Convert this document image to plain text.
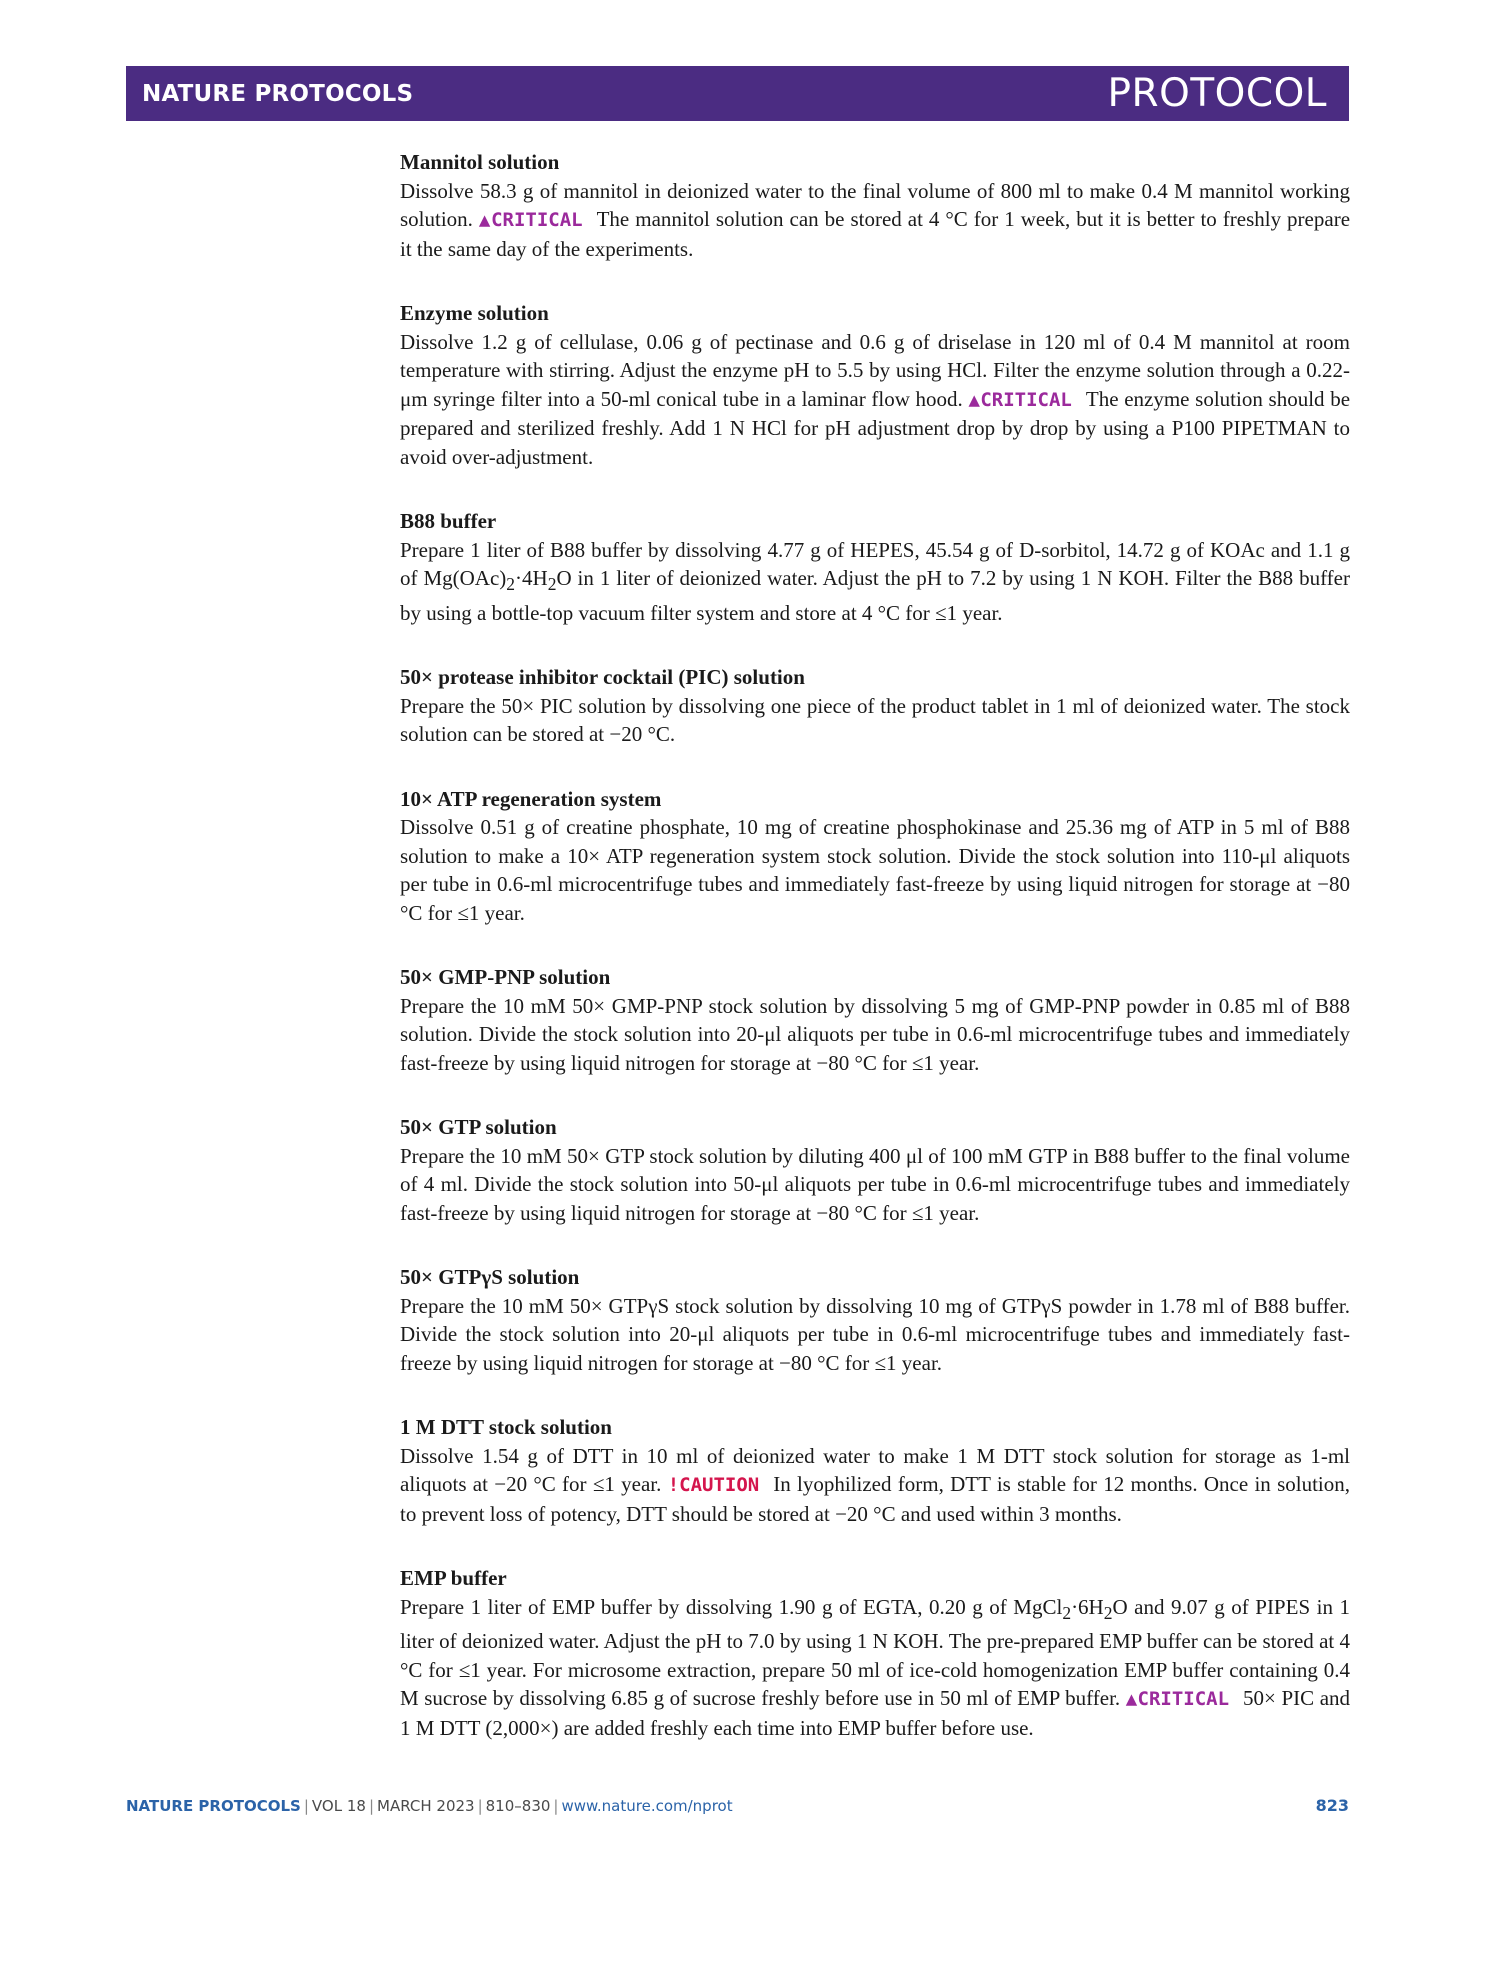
NATURE PROTOCOLS	PROTOCOL
Mannitol solution
Dissolve 58.3 g of mannitol in deionized water to the final volume of 800 ml to make 0.4 M mannitol working solution. ▲CRITICAL The mannitol solution can be stored at 4 °C for 1 week, but it is better to freshly prepare it the same day of the experiments.
Enzyme solution
Dissolve 1.2 g of cellulase, 0.06 g of pectinase and 0.6 g of driselase in 120 ml of 0.4 M mannitol at room temperature with stirring. Adjust the enzyme pH to 5.5 by using HCl. Filter the enzyme solution through a 0.22-μm syringe filter into a 50-ml conical tube in a laminar flow hood. ▲CRITICAL The enzyme solution should be prepared and sterilized freshly. Add 1 N HCl for pH adjustment drop by drop by using a P100 PIPETMAN to avoid over-adjustment.
B88 buffer
Prepare 1 liter of B88 buffer by dissolving 4.77 g of HEPES, 45.54 g of D-sorbitol, 14.72 g of KOAc and 1.1 g of $Mg(OAc)_2\cdot 4H_2O$ in 1 liter of deionized water. Adjust the pH to 7.2 by using 1 N KOH. Filter the B88 buffer by using a bottle-top vacuum filter system and store at 4 °C for ≤1 year.
50× protease inhibitor cocktail (PIC) solution
Prepare the 50× PIC solution by dissolving one piece of the product tablet in 1 ml of deionized water. The stock solution can be stored at −20 °C.
10× ATP regeneration system
Dissolve 0.51 g of creatine phosphate, 10 mg of creatine phosphokinase and 25.36 mg of ATP in 5 ml of B88 solution to make a 10× ATP regeneration system stock solution. Divide the stock solution into 110-μl aliquots per tube in 0.6-ml microcentrifuge tubes and immediately fast-freeze by using liquid nitrogen for storage at −80 °C for ≤1 year.
50× GMP-PNP solution
Prepare the 10 mM 50× GMP-PNP stock solution by dissolving 5 mg of GMP-PNP powder in 0.85 ml of B88 solution. Divide the stock solution into 20-μl aliquots per tube in 0.6-ml microcentrifuge tubes and immediately fast-freeze by using liquid nitrogen for storage at −80 °C for ≤1 year.
50× GTP solution
Prepare the 10 mM 50× GTP stock solution by diluting 400 μl of 100 mM GTP in B88 buffer to the final volume of 4 ml. Divide the stock solution into 50-μl aliquots per tube in 0.6-ml microcentrifuge tubes and immediately fast-freeze by using liquid nitrogen for storage at −80 °C for ≤1 year.
50× GTPγS solution
Prepare the 10 mM 50× GTPγS stock solution by dissolving 10 mg of GTPγS powder in 1.78 ml of B88 buffer. Divide the stock solution into 20-μl aliquots per tube in 0.6-ml microcentrifuge tubes and immediately fast-freeze by using liquid nitrogen for storage at −80 °C for ≤1 year.
1 M DTT stock solution
Dissolve 1.54 g of DTT in 10 ml of deionized water to make 1 M DTT stock solution for storage as 1-ml aliquots at −20 °C for ≤1 year. !CAUTION In lyophilized form, DTT is stable for 12 months. Once in solution, to prevent loss of potency, DTT should be stored at −20 °C and used within 3 months.
EMP buffer
Prepare 1 liter of EMP buffer by dissolving 1.90 g of EGTA, 0.20 g of $MgCl_2\cdot 6H_2O$ and 9.07 g of PIPES in 1 liter of deionized water. Adjust the pH to 7.0 by using 1 N KOH. The pre-prepared EMP buffer can be stored at 4 °C for ≤1 year. For microsome extraction, prepare 50 ml of ice-cold homogenization EMP buffer containing 0.4 M sucrose by dissolving 6.85 g of sucrose freshly before use in 50 ml of EMP buffer. ▲CRITICAL 50× PIC and 1 M DTT (2,000×) are added freshly each time into EMP buffer before use.
NATURE PROTOCOLS | VOL 18 | MARCH 2023 | 810–830 | www.nature.com/nprot	823
